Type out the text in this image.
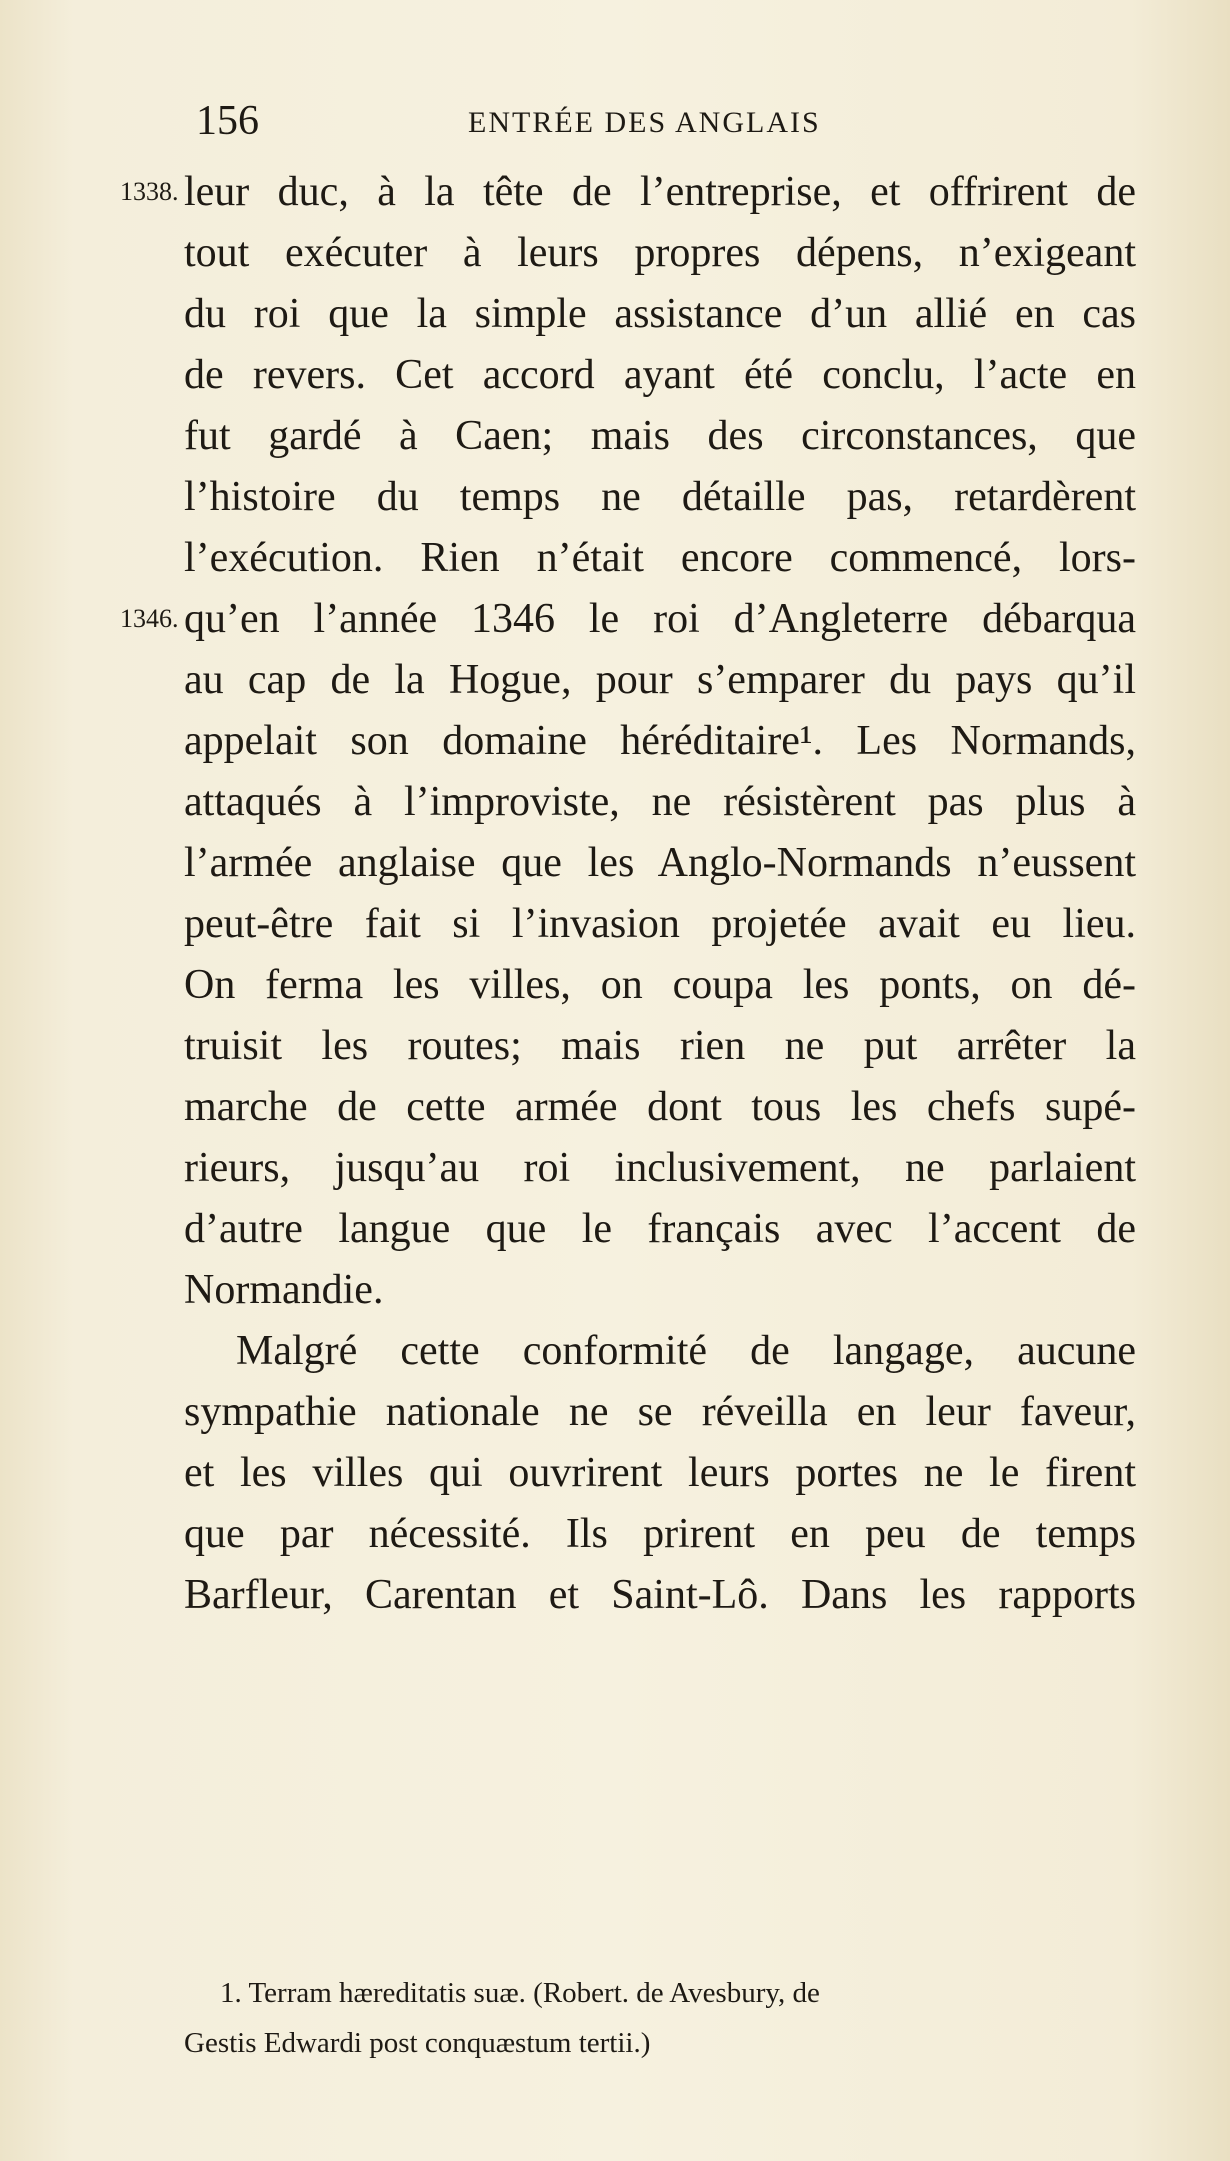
156	ENTRÉE DES ANGLAIS
1338.
1346.
leur duc, à la tête de l’entreprise, et offrirent de
tout exécuter à leurs propres dépens, n’exigeant
du roi que la simple assistance d’un allié en cas
de revers. Cet accord ayant été conclu, l’acte en
fut gardé à Caen; mais des circonstances, que
l’histoire du temps ne détaille pas, retardèrent
l’exécution. Rien n’était encore commencé, lors-
qu’en l’année 1346 le roi d’Angleterre débarqua
au cap de la Hogue, pour s’emparer du pays qu’il
appelait son domaine héréditaire¹. Les Normands,
attaqués à l’improviste, ne résistèrent pas plus à
l’armée anglaise que les Anglo-Normands n’eussent
peut-être fait si l’invasion projetée avait eu lieu.
On ferma les villes, on coupa les ponts, on dé-
truisit les routes; mais rien ne put arrêter la
marche de cette armée dont tous les chefs supé-
rieurs, jusqu’au roi inclusivement, ne parlaient
d’autre langue que le français avec l’accent de
Normandie.
Malgré cette conformité de langage, aucune
sympathie nationale ne se réveilla en leur faveur,
et les villes qui ouvrirent leurs portes ne le firent
que par nécessité. Ils prirent en peu de temps
Barfleur, Carentan et Saint-Lô. Dans les rapports
1. Terram hæreditatis suæ. (Robert. de Avesbury, de
Gestis Edwardi post conquæstum tertii.)
